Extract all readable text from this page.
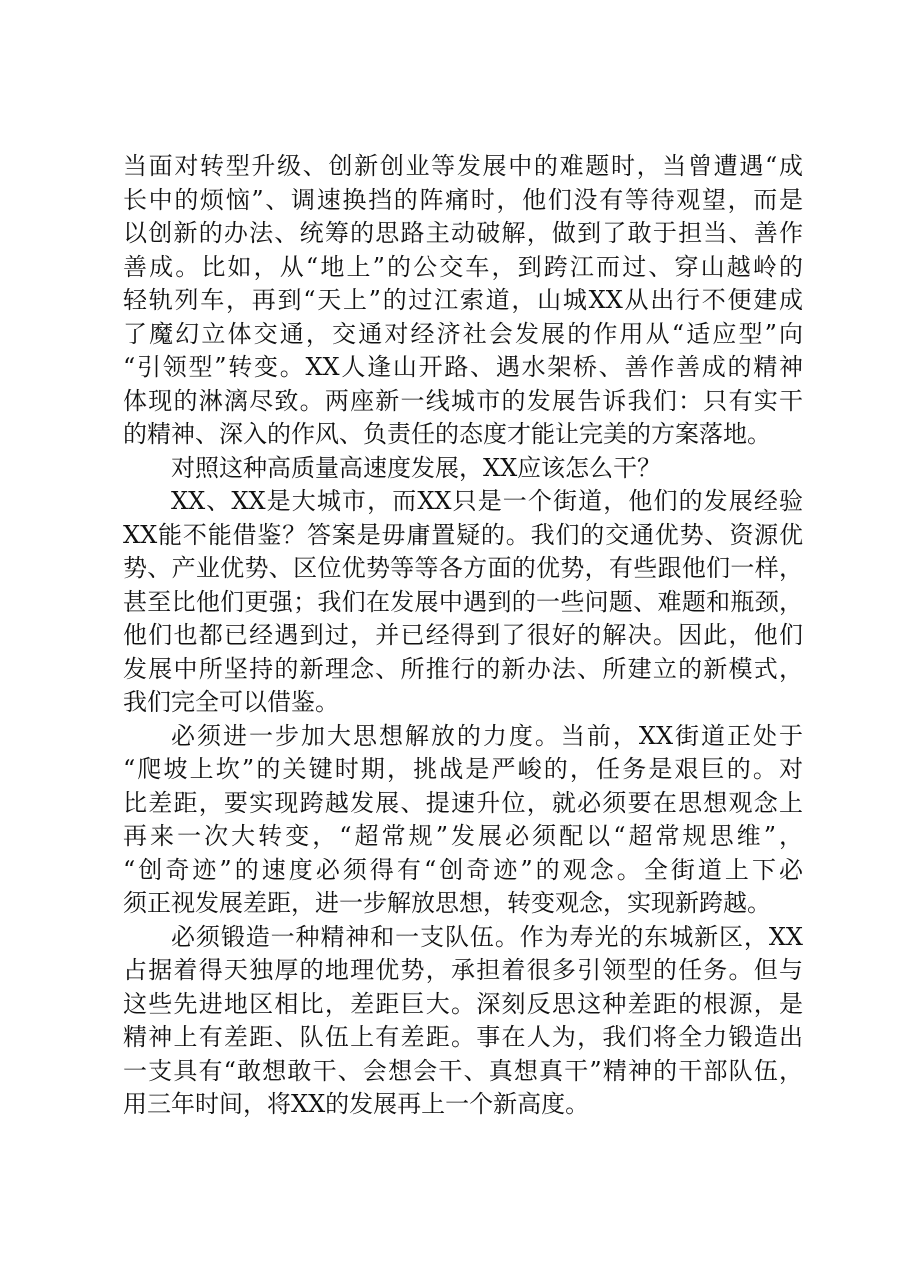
当面对转型升级、创新创业等发展中的难题时，当曾遭遇“成
长中的烦恼”、调速换挡的阵痛时，他们没有等待观望，而是
以创新的办法、统筹的思路主动破解，做到了敢于担当、善作
善成。比如，从“地上”的公交车，到跨江而过、穿山越岭的
轻轨列车，再到“天上”的过江索道，山城XX从出行不便建成
了魔幻立体交通，交通对经济社会发展的作用从“适应型”向
“引领型”转变。XX人逢山开路、遇水架桥、善作善成的精神
体现的淋漓尽致。两座新一线城市的发展告诉我们：只有实干
的精神、深入的作风、负责任的态度才能让完美的方案落地。
对照这种高质量高速度发展，XX应该怎么干？
XX、XX是大城市，而XX只是一个街道，他们的发展经验
XX能不能借鉴？答案是毋庸置疑的。我们的交通优势、资源优
势、产业优势、区位优势等等各方面的优势，有些跟他们一样，
甚至比他们更强；我们在发展中遇到的一些问题、难题和瓶颈，
他们也都已经遇到过，并已经得到了很好的解决。因此，他们
发展中所坚持的新理念、所推行的新办法、所建立的新模式，
我们完全可以借鉴。
必须进一步加大思想解放的力度。当前，XX街道正处于
“爬坡上坎”的关键时期，挑战是严峻的，任务是艰巨的。对
比差距，要实现跨越发展、提速升位，就必须要在思想观念上
再来一次大转变，“超常规”发展必须配以“超常规思维”，
“创奇迹”的速度必须得有“创奇迹”的观念。全街道上下必
须正视发展差距，进一步解放思想，转变观念，实现新跨越。
必须锻造一种精神和一支队伍。作为寿光的东城新区，XX
占据着得天独厚的地理优势，承担着很多引领型的任务。但与
这些先进地区相比，差距巨大。深刻反思这种差距的根源，是
精神上有差距、队伍上有差距。事在人为，我们将全力锻造出
一支具有“敢想敢干、会想会干、真想真干”精神的干部队伍，
用三年时间，将XX的发展再上一个新高度。
